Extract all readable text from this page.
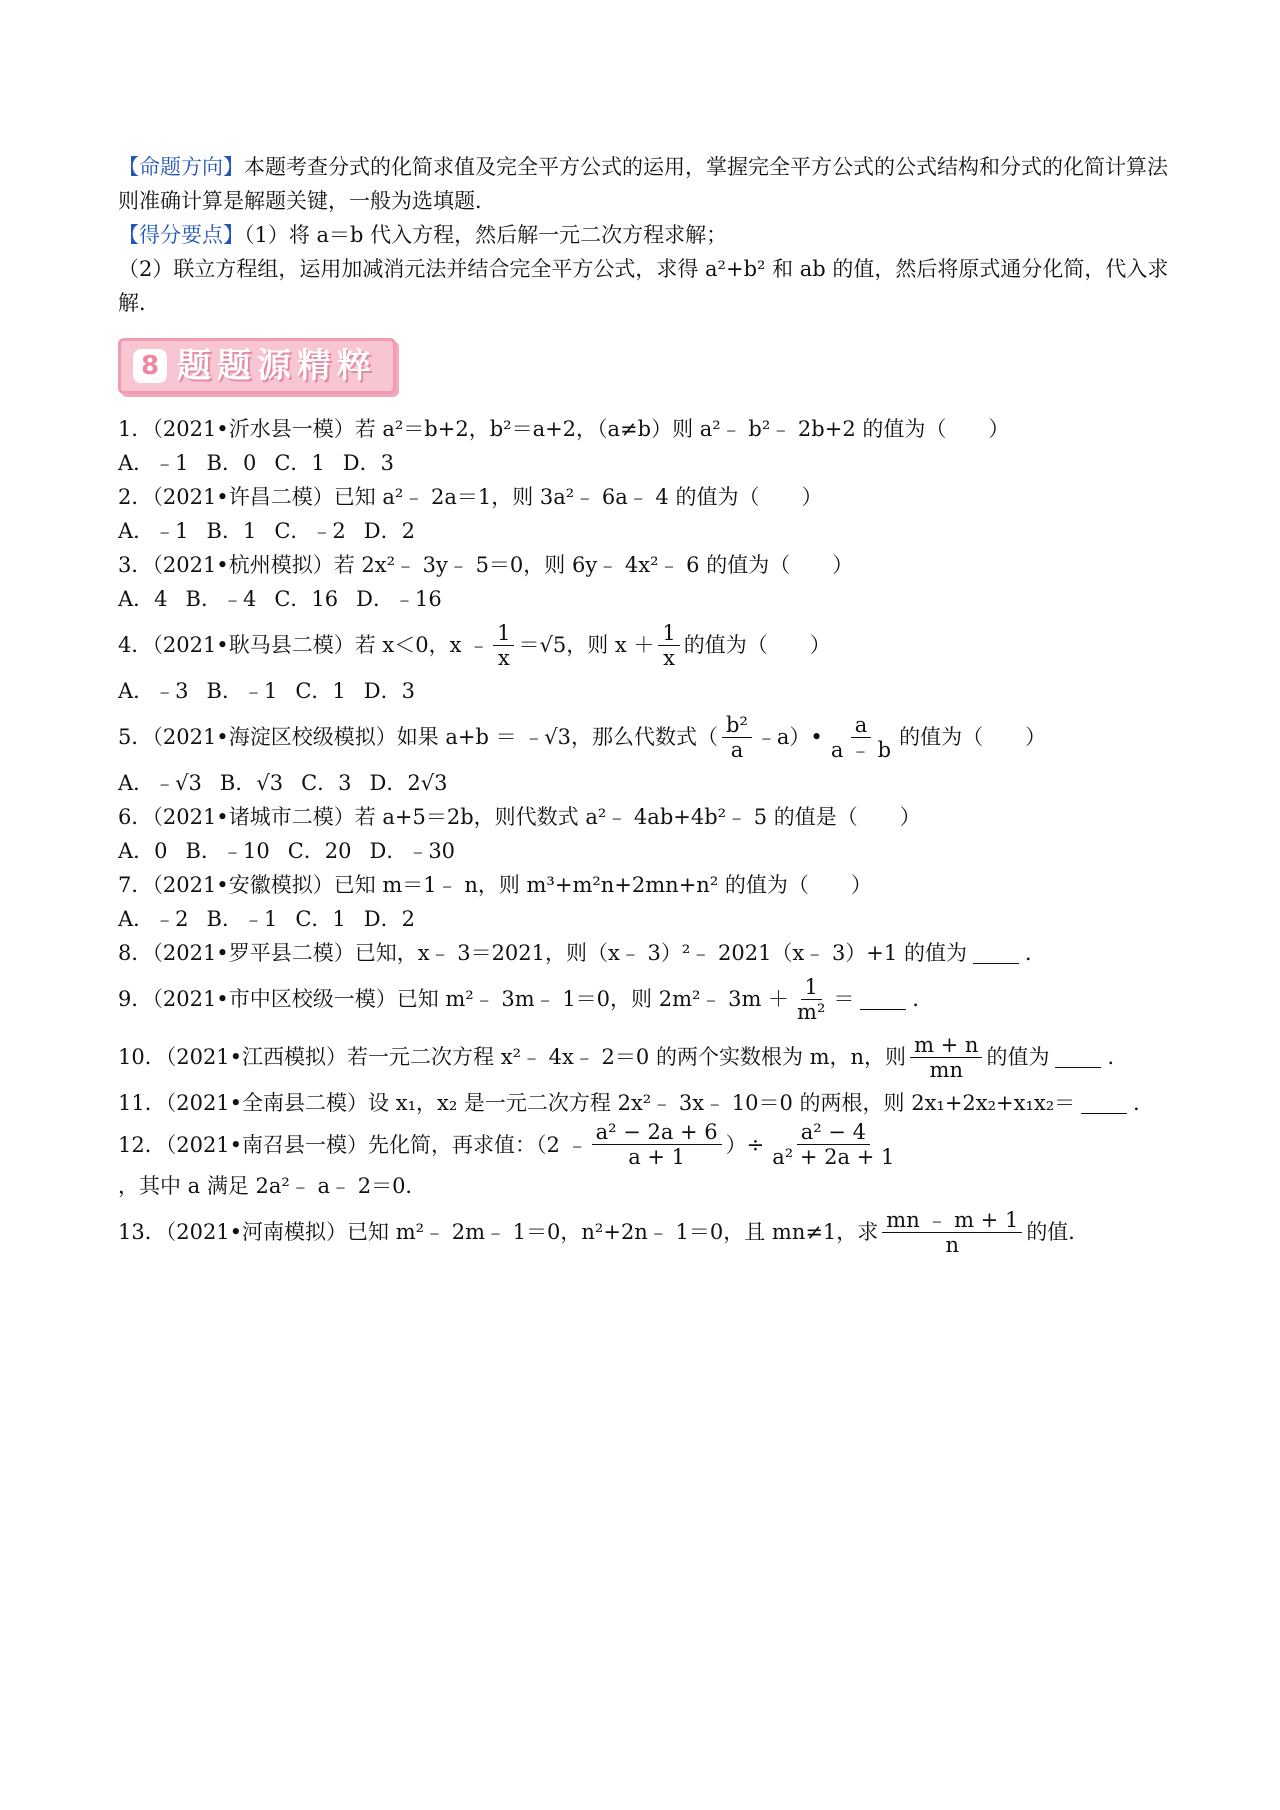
【命题方向】本题考查分式的化简求值及完全平方公式的运用，掌握完全平方公式的公式结构和分式的化简计算法则准确计算是解题关键，一般为选填题．

【得分要点】（1）将 a＝b 代入方程，然后解一元二次方程求解；

（2）联立方程组，运用加减消元法并结合完全平方公式，求得 a²+b² 和 ab 的值，然后将原式通分化简，代入求解．

8 题题源精粹

1．（2021•沂水县一模）若 a²＝b+2，b²＝a+2，（a≠b）则 a²﹣ b²﹣ 2b+2 的值为（　　）

A．﹣1 B．0 C．1 D．3

2．（2021•许昌二模）已知 a²﹣ 2a＝1，则 3a²﹣ 6a﹣ 4 的值为（　　）

A．﹣1 B．1 C．﹣2 D．2

3．（2021•杭州模拟）若 2x²﹣ 3y﹣ 5＝0，则 6y﹣ 4x²﹣ 6 的值为（　　）

A．4 B．﹣4 C．16 D．﹣16

4．（2021•耿马县二模）若 x＜0，x ﹣ $\frac{1}{x} =√5$，则 $x + \frac{1}{x}$ 的值为（　　）

A．﹣3 B．﹣1 C．1 D．3

5．（2021•海淀区校级模拟）如果 a+b ＝ ﹣√3，那么代数式（ $\frac{\text{b²}}{a}$ ﹣a）• $\frac{a}{a ﹣ b}$ 的值为（　　）

A．﹣√3 B．√3 C．3 D．2√3

6．（2021•诸城市二模）若 a+5＝2b，则代数式 a²﹣ 4ab+4b²﹣ 5 的值是（　　）

A．0 B．﹣10 C．20 D．﹣30

7．（2021•安徽模拟）已知 m＝1﹣ n，则 m³+m²n+2mn+n² 的值为（　　）

A．﹣2 B．﹣1 C．1 D．2

8．（2021•罗平县二模）已知，x﹣ 3＝2021，则（x﹣ 3）²﹣ 2021（x﹣ 3）+1 的值为	．

9．（2021•市中区校级一模）已知 m²﹣ 3m﹣ 1＝0，则 2m²﹣ $3m + \frac{1}{\text{m²}}$ ＝	．

10．（2021•江西模拟）若一元二次方程 x²﹣ 4x﹣ 2＝0 的两个实数根为 m，n，则 $\frac{m + n}{mn}$ 的值为	．

11．（2021•全南县二模）设 x₁，x₂ 是一元二次方程 2x²﹣ 3x﹣ 10＝0 的两根，则 2x₁+2x₂+x₁x₂＝	．

12．（2021•南召县一模）先化简，再求值：（2 ﹣ $\frac{\text{a² − 2a + 6}}{a + 1}$ ）÷ $\frac{\text{a² − 4}}{\text{a² + 2a + 1}}$
，其中 a 满足 2a²﹣ a﹣ 2＝0．

13．（2021•河南模拟）已知 m²﹣ 2m﹣ 1＝0，n²+2n﹣ 1＝0，且 mn≠1，求 $\frac{mn ﹣ m + 1}{n}$ 的值．
